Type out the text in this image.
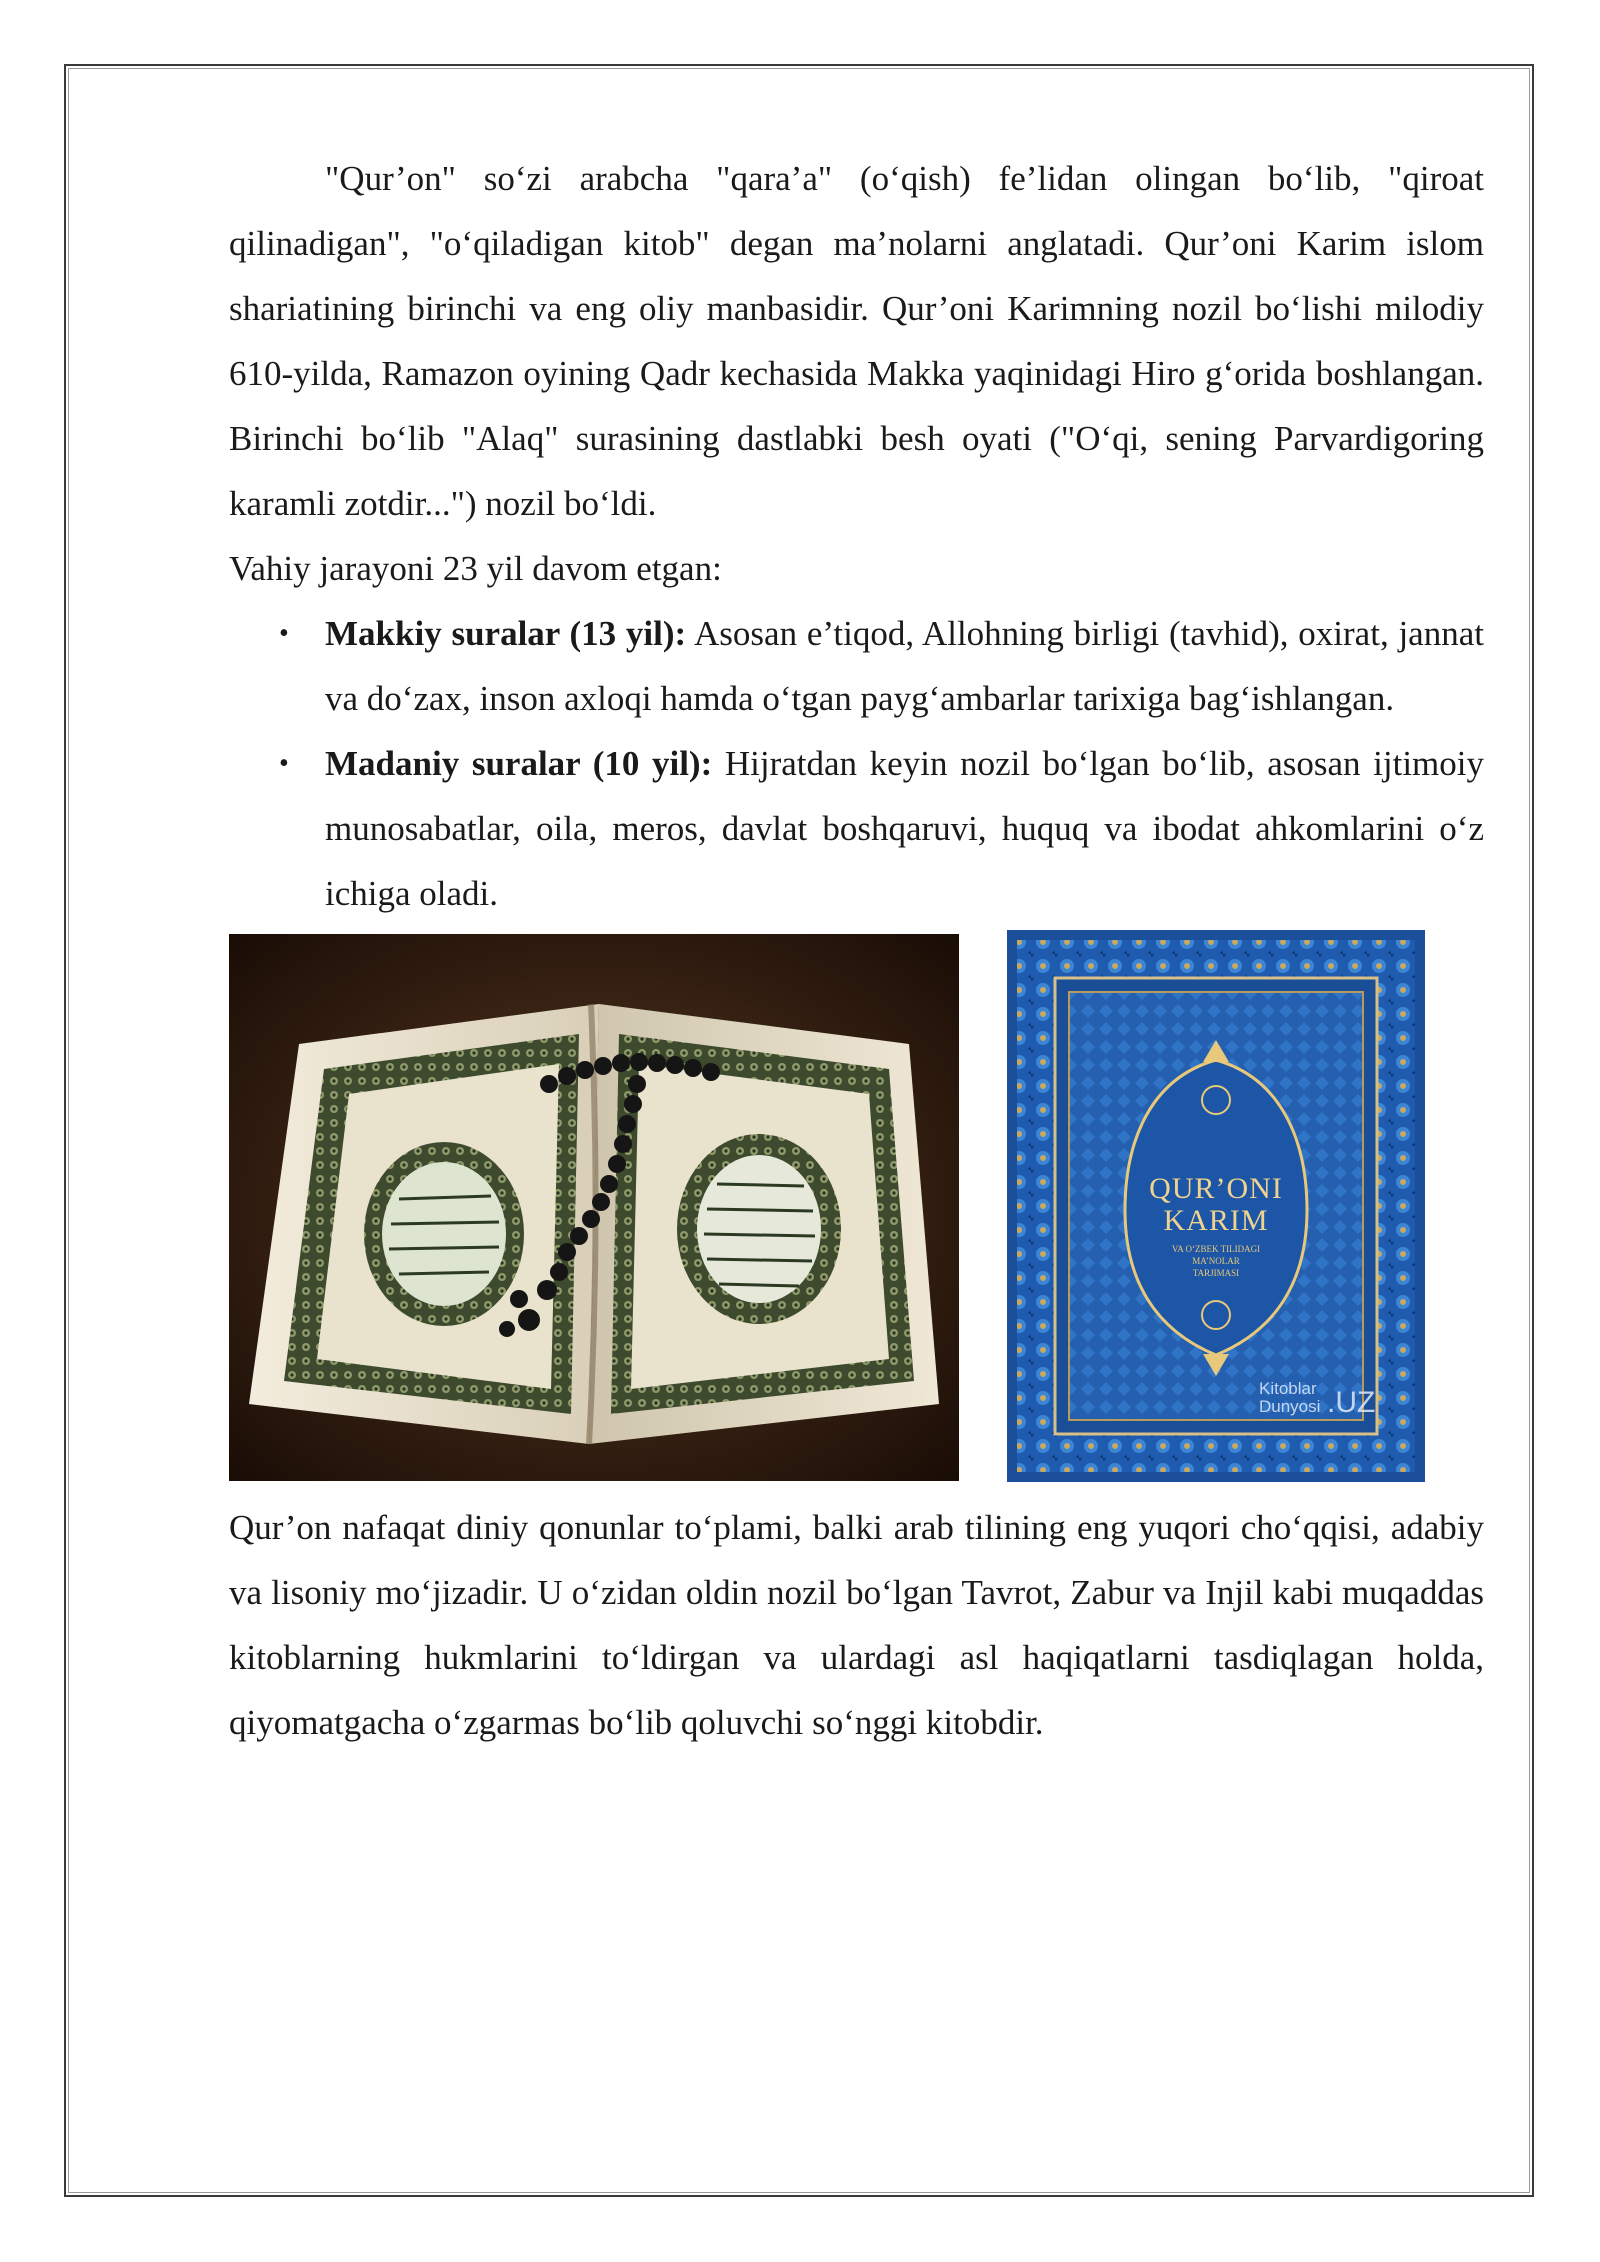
"Qur’on" so‘zi arabcha "qara’a" (o‘qish) fe’lidan olingan bo‘lib, "qiroat qilinadigan", "o‘qiladigan kitob" degan ma’nolarni anglatadi. Qur’oni Karim islom shariatining birinchi va eng oliy manbasidir. Qur’oni Karimning nozil bo‘lishi milodiy 610-yilda, Ramazon oyining Qadr kechasida Makka yaqinidagi Hiro g‘orida boshlangan. Birinchi bo‘lib "Alaq" surasining dastlabki besh oyati ("O‘qi, sening Parvardigoring karamli zotdir...") nozil bo‘ldi.

Vahiy jarayoni 23 yil davom etgan:

• Makkiy suralar (13 yil): Asosan e’tiqod, Allohning birligi (tavhid), oxirat, jannat va do‘zax, inson axloqi hamda o‘tgan payg‘ambarlar tarixiga bag‘ishlangan.
• Madaniy suralar (10 yil): Hijratdan keyin nozil bo‘lgan bo‘lib, asosan ijtimoiy munosabatlar, oila, meros, davlat boshqaruvi, huquq va ibodat ahkomlarini o‘z ichiga oladi.
QUR’ONI
KARIM
VA O‘ZBEK TILIDAGI
MA’NOLAR
TARJIMASI
Kitoblar
Dunyosi .UZ

Qur’on nafaqat diniy qonunlar to‘plami, balki arab tilining eng yuqori cho‘qqisi, adabiy va lisoniy mo‘jizadir. U o‘zidan oldin nozil bo‘lgan Tavrot, Zabur va Injil kabi muqaddas kitoblarning hukmlarini to‘ldirgan va ulardagi asl haqiqatlarni tasdiqlagan holda, qiyomatgacha o‘zgarmas bo‘lib qoluvchi so‘nggi kitobdir.
